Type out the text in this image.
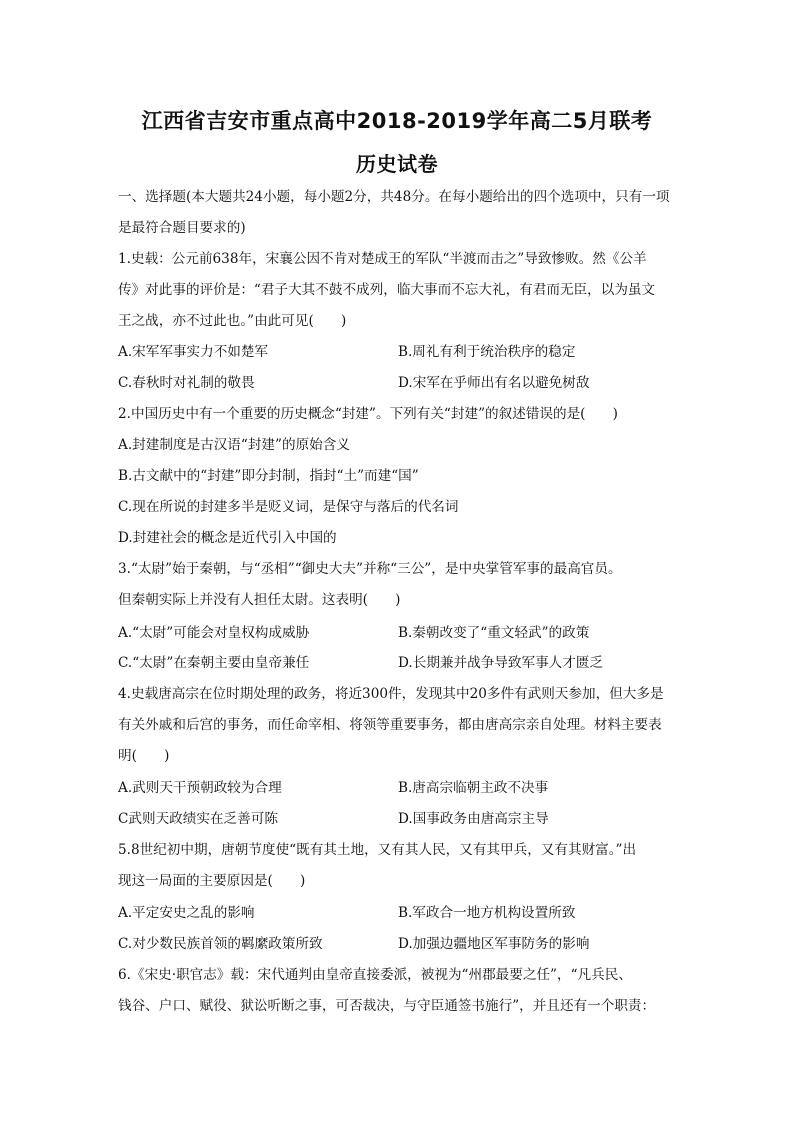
江西省吉安市重点高中2018-2019学年高二5月联考
历史试卷
一、选择题(本大题共24小题，每小题2分，共48分。在每小题给出的四个选项中，只有一项
是最符合题目要求的)
1.史载：公元前638年，宋襄公因不肯对楚成王的军队“半渡而击之”导致惨败。然《公羊
传》对此事的评价是：“君子大其不鼓不成列，临大事而不忘大礼，有君而无臣，以为虽文
王之战，亦不过此也。”由此可见(　　)
A.宋军军事实力不如楚军	B.周礼有利于统治秩序的稳定
C.春秋时对礼制的敬畏	D.宋军在乎师出有名以避免树敌
2.中国历史中有一个重要的历史概念“封建”。下列有关“封建”的叙述错误的是(　　)
A.封建制度是古汉语“封建”的原始含义
B.古文献中的“封建”即分封制，指封“土”而建“国”
C.现在所说的封建多半是贬义词，是保守与落后的代名词
D.封建社会的概念是近代引入中国的
3.“太尉”始于秦朝，与“丞相”“御史大夫”并称“三公”，是中央掌管军事的最高官员。
但秦朝实际上并没有人担任太尉。这表明(　　)
A.“太尉”可能会对皇权构成威胁	B.秦朝改变了“重文轻武”的政策
C.“太尉”在秦朝主要由皇帝兼任	D.长期兼并战争导致军事人才匮乏
4.史载唐高宗在位时期处理的政务，将近300件，发现其中20多件有武则天参加，但大多是
有关外戚和后宫的事务，而任命宰相、将领等重要事务，都由唐高宗亲自处理。材料主要表
明(　　)
A.武则天干预朝政较为合理	B.唐高宗临朝主政不决事
C武则天政绩实在乏善可陈	D.国事政务由唐高宗主导
5.8世纪初中期，唐朝节度使“既有其土地，又有其人民，又有其甲兵，又有其财富。”出
现这一局面的主要原因是(　　)
A.平定安史之乱的影响	B.军政合一地方机构设置所致
C.对少数民族首领的羁縻政策所致	D.加强边疆地区军事防务的影响
6.《宋史·职官志》载：宋代通判由皇帝直接委派，被视为“州郡最要之任”，“凡兵民、
钱谷、户口、赋役、狱讼听断之事，可否裁决，与守臣通签书施行”，并且还有一个职责：
